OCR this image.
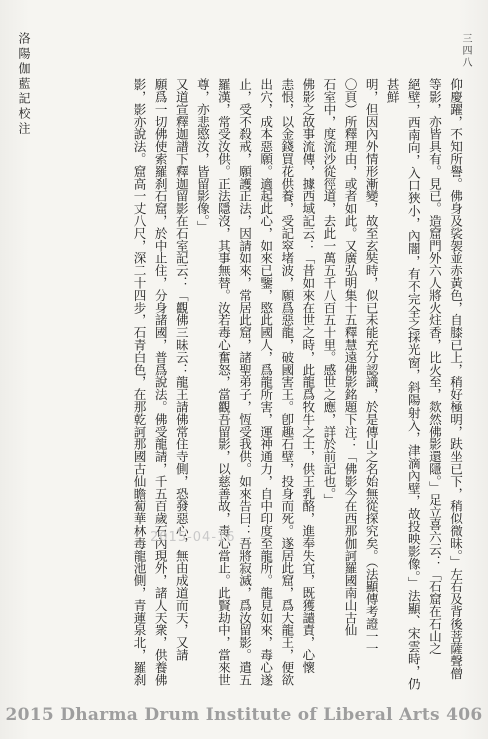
洛陽伽藍記校注	三四八
仰慶躍，不知所譽。佛身及裟袈並赤黃色，自膝已上，稍好極明，趺坐已下，稍似微昧。」左右及背後菩薩聲僧
等影，亦皆具有。見已。造窟門外六人將火炷香，比火至，欻然佛影還隱。」足立喜六云：「石窟在石山之
絕壁，西南向，入口狹小，內闇，有不完全之採光窗，斜陽射入，津滴內壁，故投映影像。」法顯、宋雲時，仍甚鮮
明，但因內外情形漸變，故至玄奘時，似已未能充分認識，於是傳山之名始無從探究矣。（法顯傳考證一一
〇頁）所釋理由，或者如此。又廣弘明集十五釋慧遠佛影銘題下注：「佛影今在西那伽訶羅國南山古仙
石室中，度流沙從徑道，去此一萬五千八百五十里。感世之應，詳於前記也。」
佛影之故事流傳，據西域記云：「昔如來在世之時，此龍爲牧牛之士，供王乳酪，進奉失宜，既獲譴責，心懷
恚恨，以金錢買花供養，受記窣堵波，願爲惡龍，破國害王。卽趣石壁，投身而死。遂居此窟，爲大龍王，便欲
出穴，成本惡願。適起此心，如來已鑒，愍此國人，爲龍所害，運神通力，自中印度至龍所。龍見如來，毒心遂
止，受不殺戒，願護正法，因請如來，常居此窟，諸聖弟子，恆受我供。如來告曰：吾將寂滅，爲汝留影。遣五
羅漢，常受汝供。正法隱沒，其事無替。汝若毒心奮怒，當觀吾留影，以慈善故，毒心當止。此賢劫中，當來世
尊，亦悲愍汝，皆留影像。」
又道宣釋迦譜下釋迦留影在石室記云：「觀佛三昧云：龍王請佛常住寺側，恐發惡心，無由成道而天，又請
願爲一切佛使索羅刹石窟，於中止住，分身諸國，普爲說法。佛受龍請，千五百歲石內現外，諸人天衆，供養佛
影，影亦說法。窟高一丈八尺，深二十四步，石青白色，在那乾訶那國古仙瞻蔔華林毒龍池側，青蓮泉北，羅刹 2015-04-16
2015 Dharma Drum Institute of Liberal Arts 406
